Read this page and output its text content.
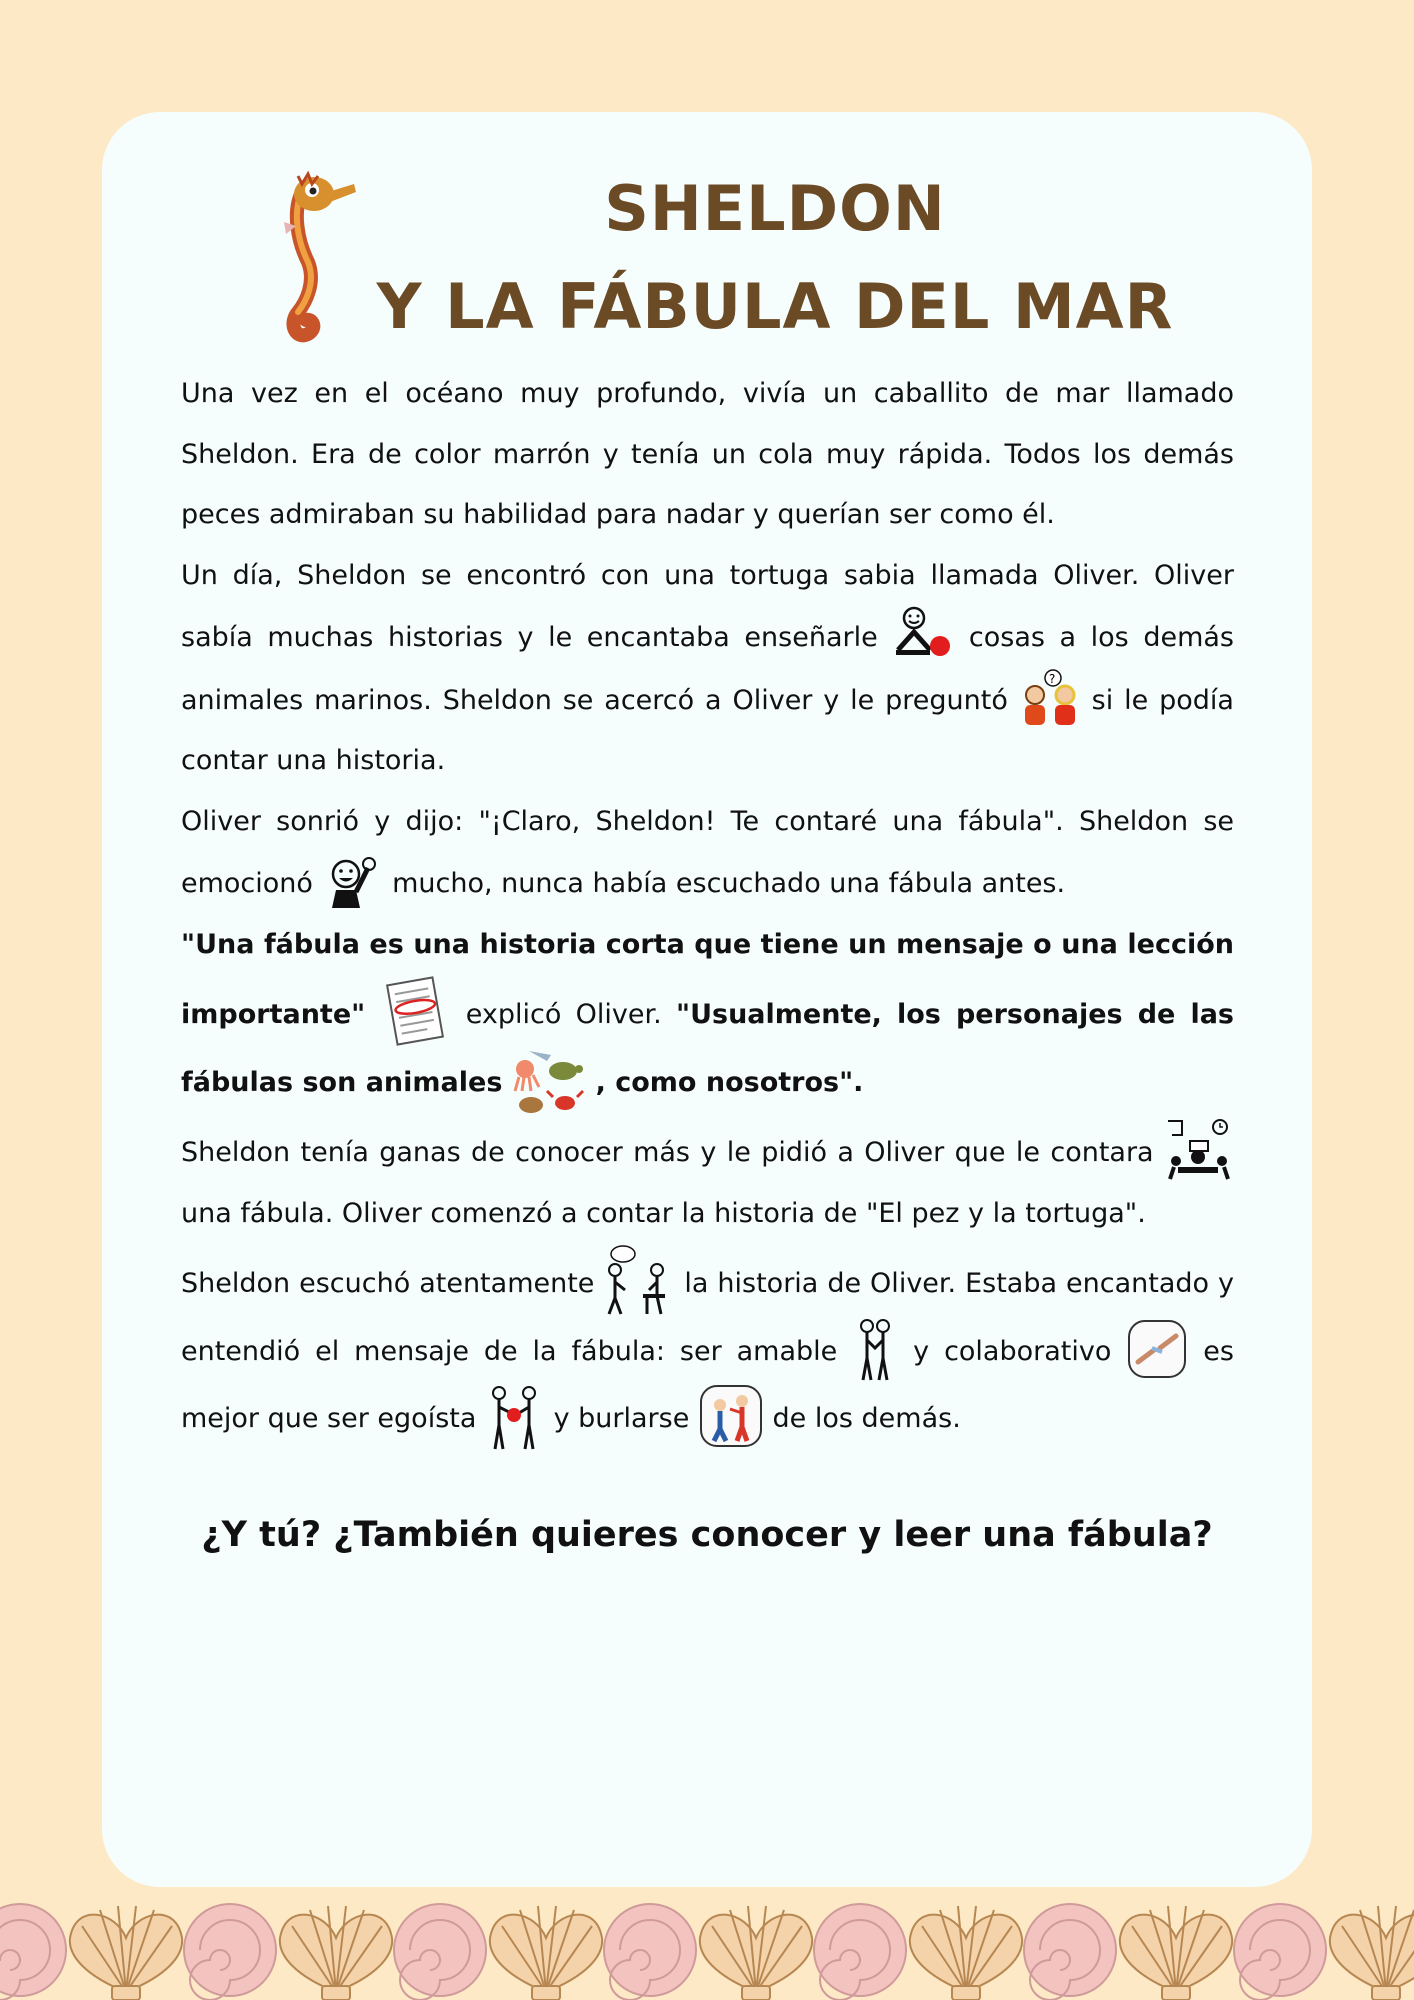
SHELDON
Y LA FÁBULA DEL MAR

Una vez en el océano muy profundo, vivía un caballito de mar llamado Sheldon. Era de color marrón y tenía un cola muy rápida. Todos los demás peces admiraban su habilidad para nadar y querían ser como él.

Un día, Sheldon se encontró con una tortuga sabia llamada Oliver. Oliver sabía muchas historias y le encantaba enseñarle	cosas a los demás animales marinos. Sheldon se acercó a Oliver y le preguntó
?
si le podía contar una historia.

Oliver sonrió y dijo: "¡Claro, Sheldon! Te contaré una fábula". Sheldon se emocionó	mucho, nunca había escuchado una fábula antes.

"Una fábula es una historia corta que tiene un mensaje o una lección importante"	explicó Oliver. "Usualmente, los personajes de las fábulas son animales	, como nosotros".

Sheldon tenía ganas de conocer más y le pidió a Oliver que le contara
una fábula. Oliver comenzó a contar la historia de "El pez y la tortuga".

Sheldon escuchó atentamente	la historia de Oliver. Estaba encantado y entendió el mensaje de la fábula: ser amable	y colaborativo	es mejor que ser egoísta	y burlarse	de los demás.

¿Y tú? ¿También quieres conocer y leer una fábula?
